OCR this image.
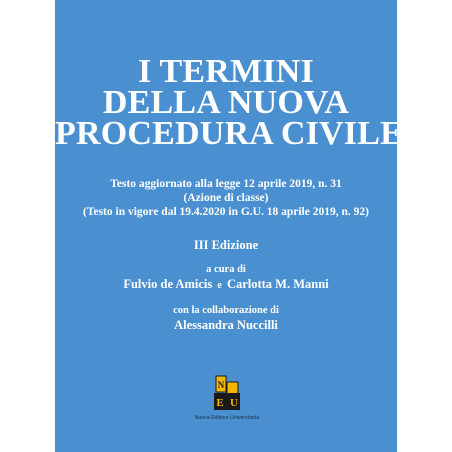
I TERMINI
DELLA NUOVA
PROCEDURA CIVILE
Testo aggiornato alla legge 12 aprile 2019, n. 31
(Azione di classe)
(Testo in vigore dal 19.4.2020 in G.U. 18 aprile 2019, n. 92)
III Edizione
a cura di
Fulvio de Amicis e Carlotta M. Manni
con la collaborazione di
Alessandra Nuccilli
N
E U
Nuova Editrice Universitaria
